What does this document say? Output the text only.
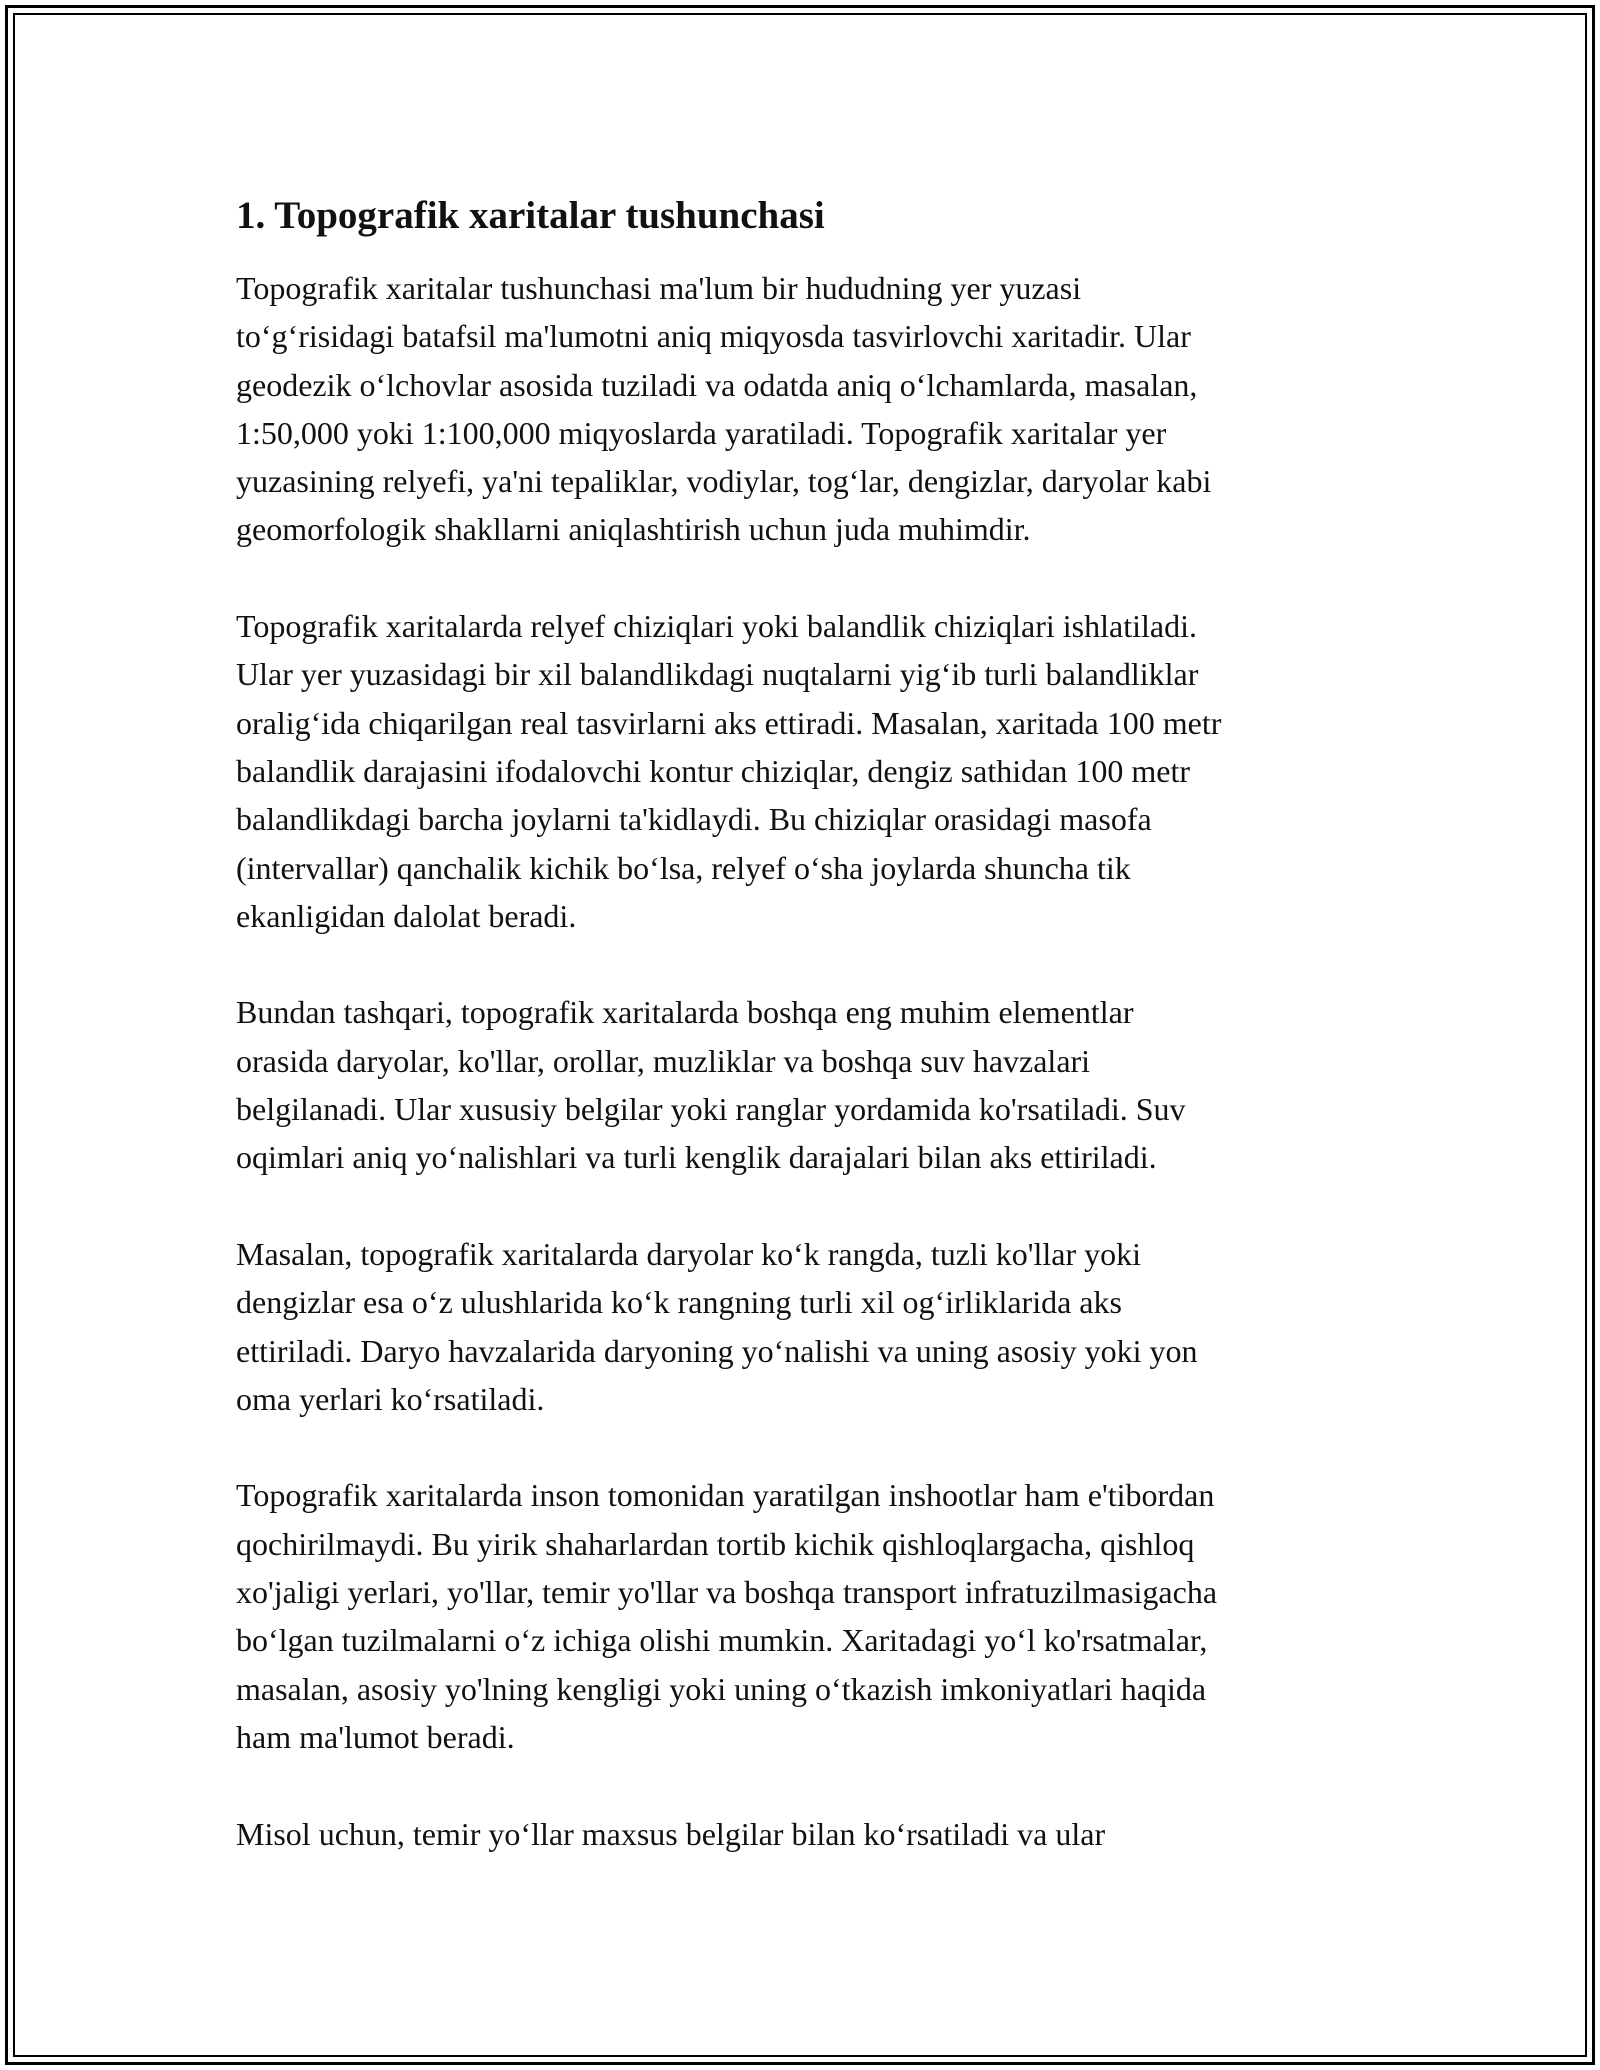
1. Topografik xaritalar tushunchasi

Topografik xaritalar tushunchasi ma'lum bir hududning yer yuzasi
to‘g‘risidagi batafsil ma'lumotni aniq miqyosda tasvirlovchi xaritadir. Ular
geodezik o‘lchovlar asosida tuziladi va odatda aniq o‘lchamlarda, masalan,
1:50,000 yoki 1:100,000 miqyoslarda yaratiladi. Topografik xaritalar yer
yuzasining relyefi, ya'ni tepaliklar, vodiylar, tog‘lar, dengizlar, daryolar kabi
geomorfologik shakllarni aniqlashtirish uchun juda muhimdir.

Topografik xaritalarda relyef chiziqlari yoki balandlik chiziqlari ishlatiladi.
Ular yer yuzasidagi bir xil balandlikdagi nuqtalarni yig‘ib turli balandliklar
oralig‘ida chiqarilgan real tasvirlarni aks ettiradi. Masalan, xaritada 100 metr
balandlik darajasini ifodalovchi kontur chiziqlar, dengiz sathidan 100 metr
balandlikdagi barcha joylarni ta'kidlaydi. Bu chiziqlar orasidagi masofa
(intervallar) qanchalik kichik bo‘lsa, relyef o‘sha joylarda shuncha tik
ekanligidan dalolat beradi.

Bundan tashqari, topografik xaritalarda boshqa eng muhim elementlar
orasida daryolar, ko'llar, orollar, muzliklar va boshqa suv havzalari
belgilanadi. Ular xususiy belgilar yoki ranglar yordamida ko'rsatiladi. Suv
oqimlari aniq yo‘nalishlari va turli kenglik darajalari bilan aks ettiriladi.

Masalan, topografik xaritalarda daryolar ko‘k rangda, tuzli ko'llar yoki
dengizlar esa o‘z ulushlarida ko‘k rangning turli xil og‘irliklarida aks
ettiriladi. Daryo havzalarida daryoning yo‘nalishi va uning asosiy yoki yon
oma yerlari ko‘rsatiladi.

Topografik xaritalarda inson tomonidan yaratilgan inshootlar ham e'tibordan
qochirilmaydi. Bu yirik shaharlardan tortib kichik qishloqlargacha, qishloq
xo'jaligi yerlari, yo'llar, temir yo'llar va boshqa transport infratuzilmasigacha
bo‘lgan tuzilmalarni o‘z ichiga olishi mumkin. Xaritadagi yo‘l ko'rsatmalar,
masalan, asosiy yo'lning kengligi yoki uning o‘tkazish imkoniyatlari haqida
ham ma'lumot beradi.

Misol uchun, temir yo‘llar maxsus belgilar bilan ko‘rsatiladi va ular
